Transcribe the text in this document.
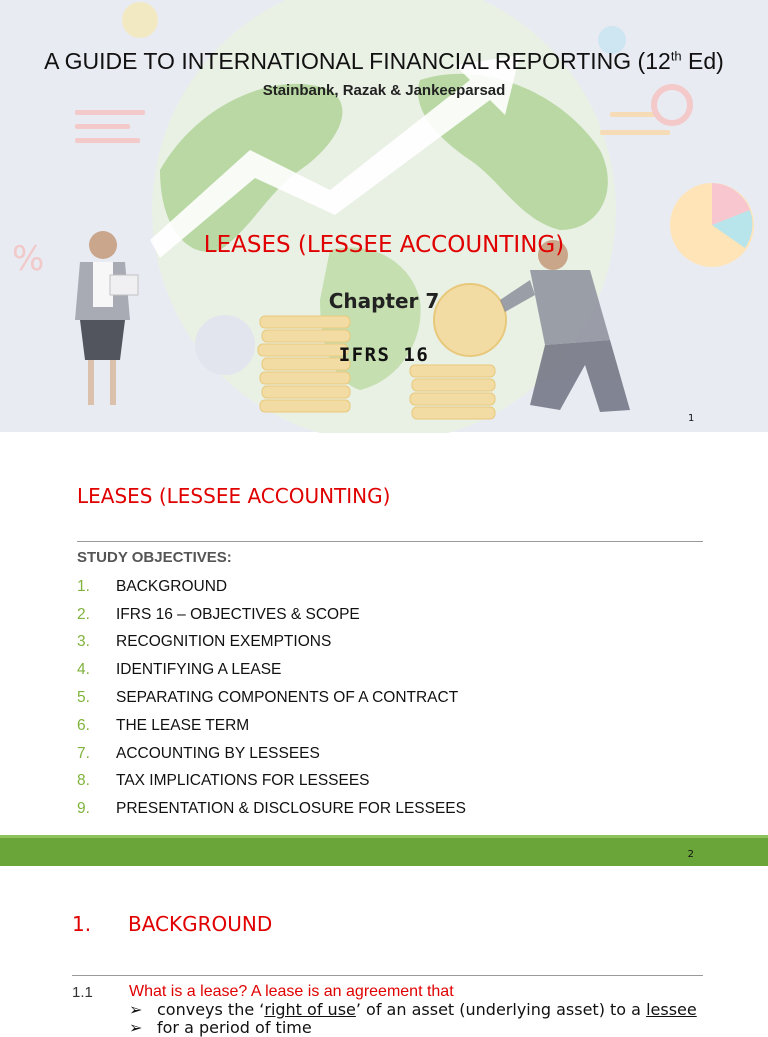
%
A GUIDE TO INTERNATIONAL FINANCIAL REPORTING (12th Ed)
Stainbank, Razak & Jankeeparsad
LEASES (LESSEE ACCOUNTING)
Chapter 7
IFRS 16
1
LEASES (LESSEE ACCOUNTING)
STUDY OBJECTIVES:
1.	BACKGROUND
2.	IFRS 16 – OBJECTIVES & SCOPE
3.	RECOGNITION EXEMPTIONS
4.	IDENTIFYING A LEASE
5.	SEPARATING COMPONENTS OF A CONTRACT
6.	THE LEASE TERM
7.	ACCOUNTING BY LESSEES
8.	TAX IMPLICATIONS FOR LESSEES
9.	PRESENTATION & DISCLOSURE FOR LESSEES
2
1. BACKGROUND
1.1 What is a lease? A lease is an agreement that
➢ conveys the ‘right of use’ of an asset (underlying asset) to a lessee
➢ for a period of time
